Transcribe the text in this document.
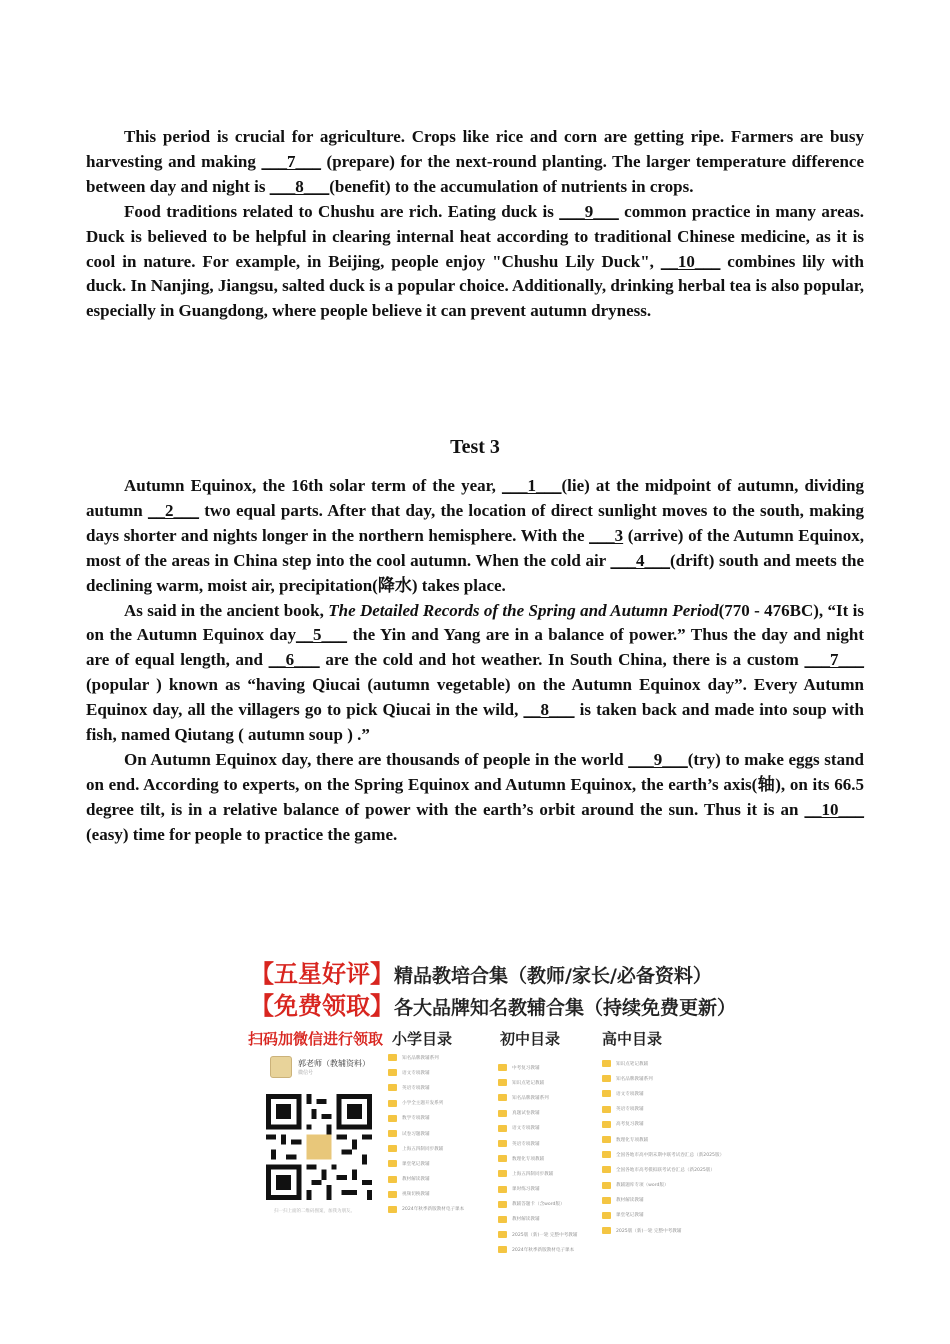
This period is crucial for agriculture. Crops like rice and corn are getting ripe. Farmers are busy harvesting and making ___7___ (prepare) for the next-round planting. The larger temperature difference between day and night is ___8___(benefit) to the accumulation of nutrients in crops.

Food traditions related to Chushu are rich. Eating duck is ___9___ common practice in many areas. Duck is believed to be helpful in clearing internal heat according to traditional Chinese medicine, as it is cool in nature. For example, in Beijing, people enjoy "Chushu Lily Duck", __10___ combines lily with duck. In Nanjing, Jiangsu, salted duck is a popular choice. Additionally, drinking herbal tea is also popular, especially in Guangdong, where people believe it can prevent autumn dryness.

Test 3

Autumn Equinox, the 16th solar term of the year, ___1___(lie) at the midpoint of autumn, dividing autumn __2___ two equal parts. After that day, the location of direct sunlight moves to the south, making days shorter and nights longer in the northern hemisphere. With the ___3 (arrive) of the Autumn Equinox, most of the areas in China step into the cool autumn. When the cold air ___4___(drift) south and meets the declining warm, moist air, precipitation(降水) takes place.

As said in the ancient book, The Detailed Records of the Spring and Autumn Period(770 - 476BC), “It is on the Autumn Equinox day__5___ the Yin and Yang are in a balance of power.” Thus the day and night are of equal length, and __6___ are the cold and hot weather. In South China, there is a custom ___7___ (popular ) known as “having Qiucai (autumn vegetable) on the Autumn Equinox day”. Every Autumn Equinox day, all the villagers go to pick Qiucai in the wild, __8___ is taken back and made into soup with fish, named Qiutang ( autumn soup ) .”

On Autumn Equinox day, there are thousands of people in the world ___9___(try) to make eggs stand on end. According to experts, on the Spring Equinox and Autumn Equinox, the earth’s axis(轴), on its 66.5 degree tilt, is in a relative balance of power with the earth’s orbit around the sun. Thus it is an __10___ (easy) time for people to practice the game.

【五星好评】精品教培合集（教师/家长/必备资料）
【免费领取】各大品牌知名教辅合集（持续免费更新）
扫码加微信进行领取 小学目录	初中目录	高中目录
郭老师（教辅资料）
微信号
扫一扫上面的二维码图案，加我为朋友。
知名品牌教辅系列
语文专项教辅
英语专项教辅
小学全主题开发系列
数学专项教辅
试卷习题教辅
上海五四制同步教辅
课堂笔记教辅
教材解读教辅
视频切换教辅
2024年秋季新版教材电子课本
中考复习教辅
知识点笔记教辅
知名品牌教辅系列
真题试卷教辅
语文专项教辅
英语专项教辅
数理化专项教辅
上海五四制同步教辅
课时练习教辅
教辅答题卡（含word版）
教材解读教辅
2025版（新)一轮 完整中考教辅
2024年秋季新版教材电子课本
知识点笔记教辅
知名品牌教辅系列
语文专项教辅
英语专项教辅
高考复习教辅
数理化专项教辅
全国各地市高中期末期中联考试卷汇总（新2025版）
全国各地市高考模拟联考试卷汇总（新2025版）
教辅题库专项（word版）
教材解读教辅
课堂笔记教辅
2025版（新)一轮 完整中考教辅
